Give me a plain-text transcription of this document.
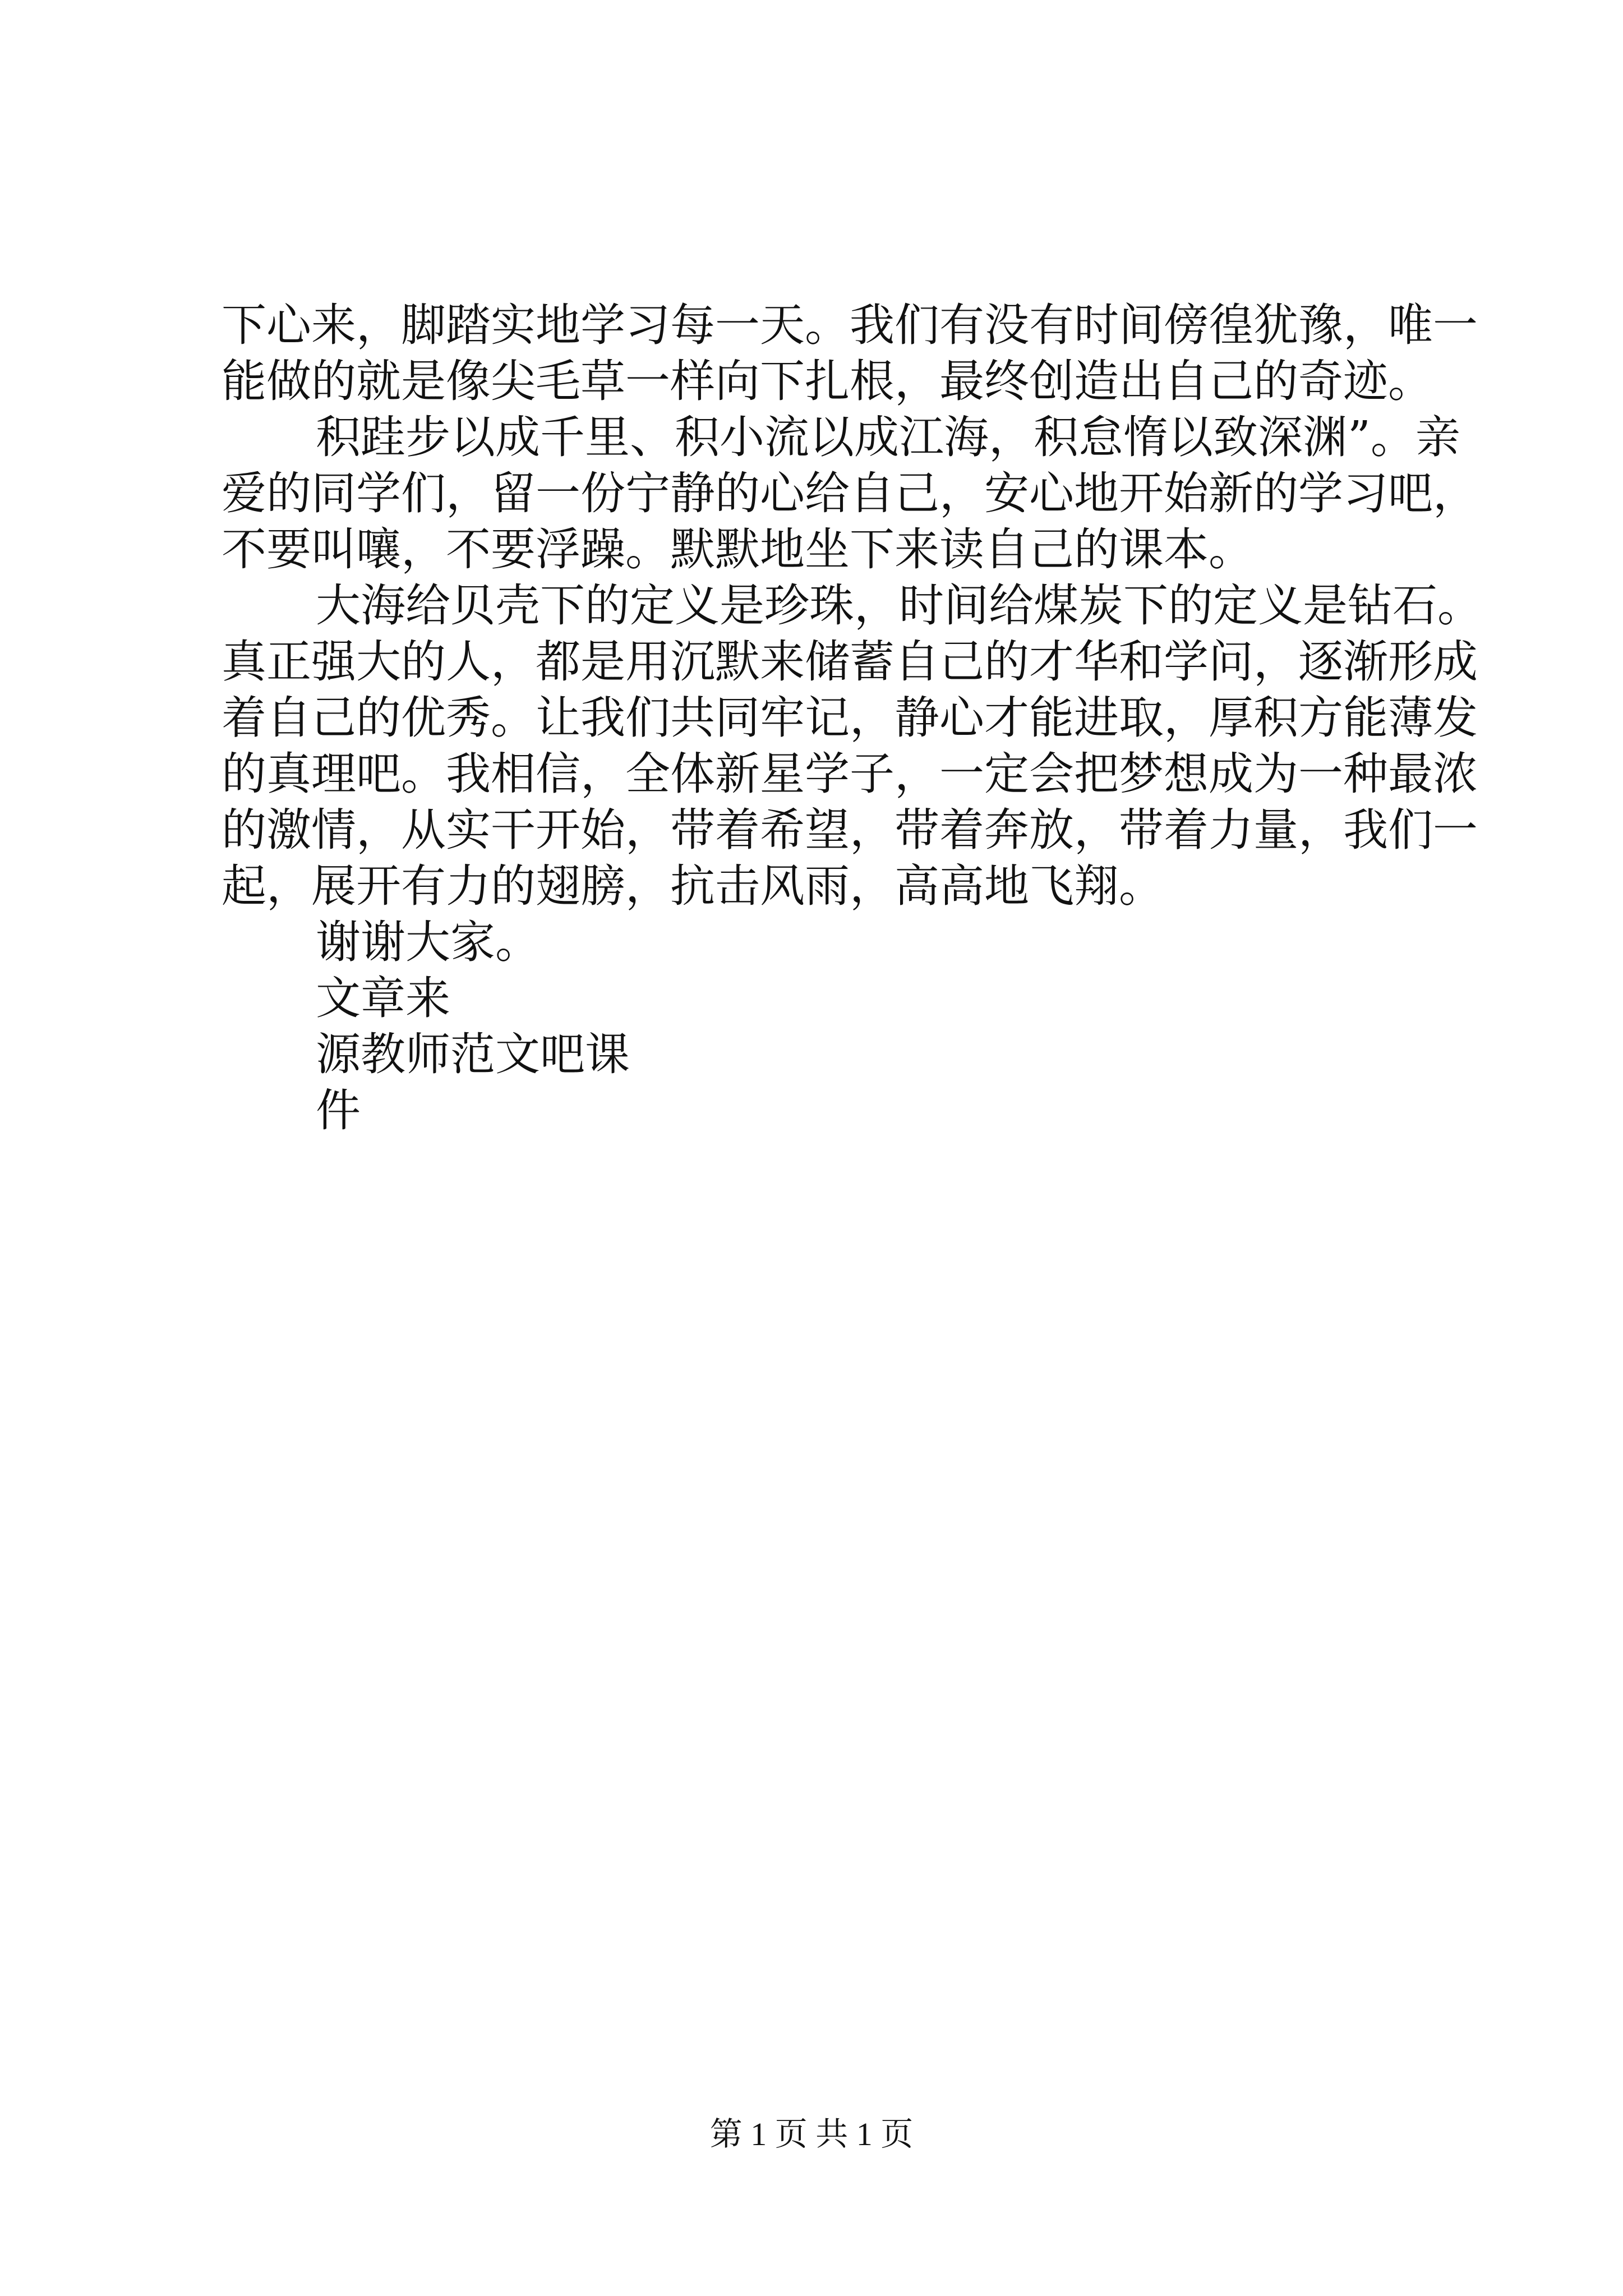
下心来，脚踏实地学习每一天。我们有没有时间傍徨犹豫，唯一
能做的就是像尖毛草一样向下扎根，最终创造出自己的奇迹。

积跬步以成千里、积小流以成江海，积怠惰以致深渊”。亲
爱的同学们，留一份宁静的心给自己，安心地开始新的学习吧，
不要叫嚷，不要浮躁。默默地坐下来读自己的课本。

大海给贝壳下的定义是珍珠，时间给煤炭下的定义是钻石。
真正强大的人，都是用沉默来储蓄自己的才华和学问，逐渐形成
着自己的优秀。让我们共同牢记，静心才能进取，厚积方能薄发
的真理吧。我相信，全体新星学子，一定会把梦想成为一种最浓
的激情，从实干开始，带着希望，带着奔放，带着力量，我们一
起，展开有力的翅膀，抗击风雨，高高地飞翔。

谢谢大家。

文章来

源教师范文吧课

件

第 1 页 共 1 页
